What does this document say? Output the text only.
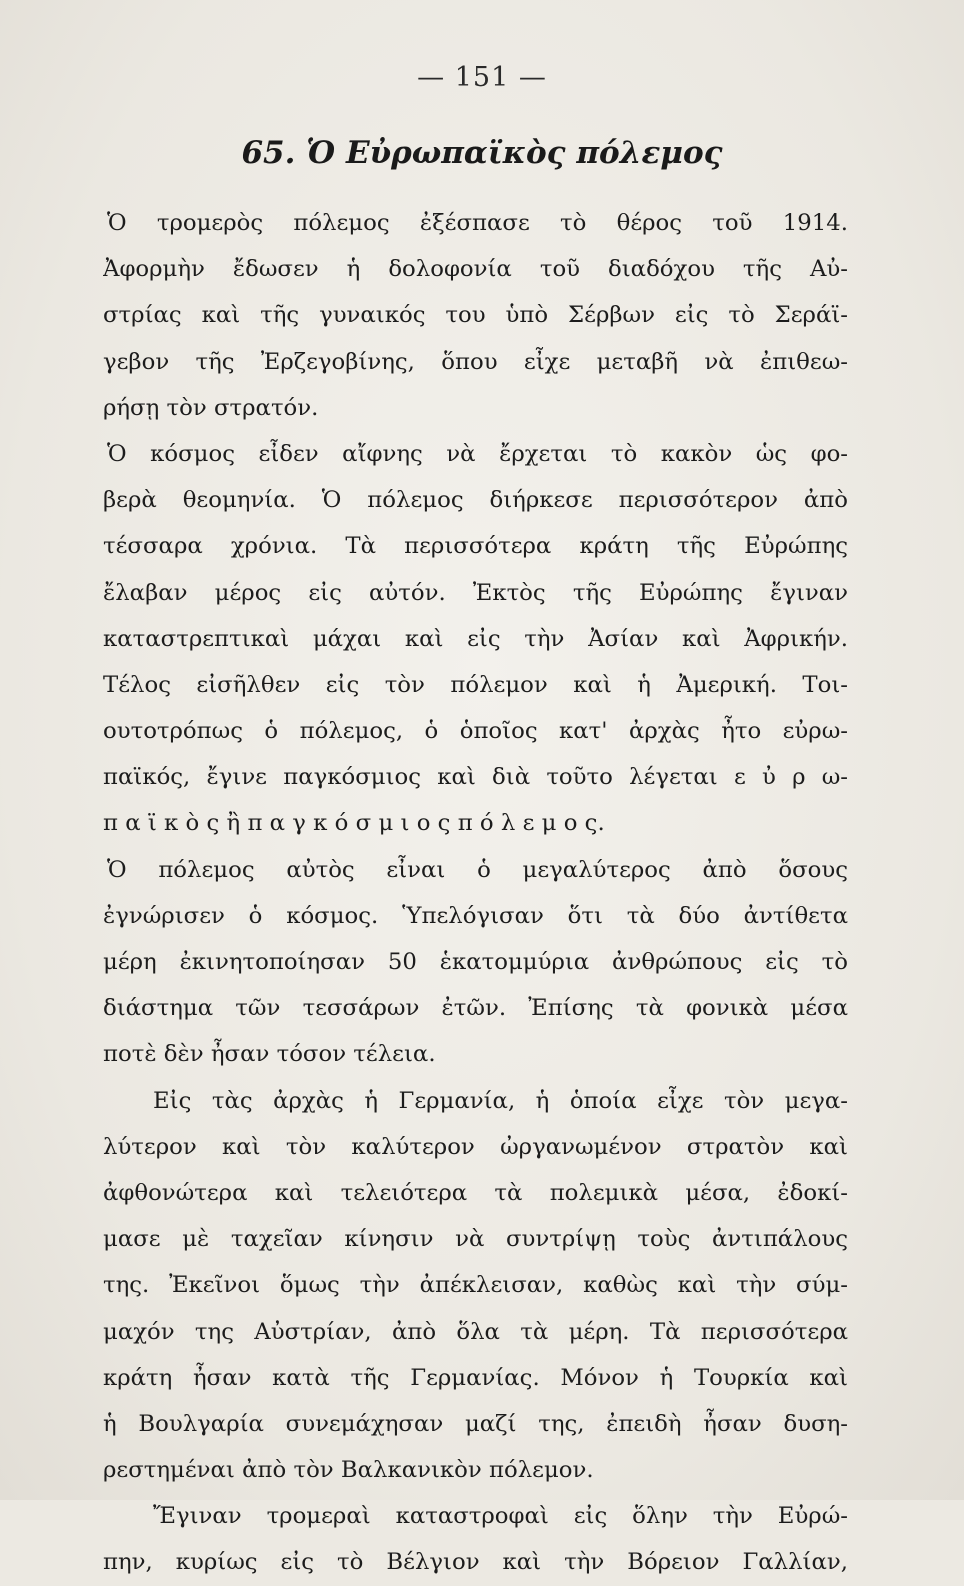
— 151 —
65. Ὁ Εὐρωπαϊκὸς πόλεμος
Ὁ τρομερὸς πόλεμος ἐξέσπασε τὸ θέρος τοῦ 1914.
Ἀφορμὴν ἔδωσεν ἡ δολοφονία τοῦ διαδόχου τῆς Αὐ-
στρίας καὶ τῆς γυναικός του ὑπὸ Σέρβων εἰς τὸ Σεράϊ-
γεβον τῆς Ἐρζεγοβίνης, ὅπου εἶχε μεταβῆ νὰ ἐπιθεω-
ρήσῃ τὸν στρατόν.
Ὁ κόσμος εἶδεν αἴφνης νὰ ἔρχεται τὸ κακὸν ὡς φο-
βερὰ θεομηνία. Ὁ πόλεμος διήρκεσε περισσότερον ἀπὸ
τέσσαρα χρόνια. Τὰ περισσότερα κράτη τῆς Εὐρώπης
ἔλαβαν μέρος εἰς αὐτόν. Ἐκτὸς τῆς Εὐρώπης ἔγιναν
καταστρεπτικαὶ μάχαι καὶ εἰς τὴν Ἀσίαν καὶ Ἀφρικήν.
Τέλος εἰσῆλθεν εἰς τὸν πόλεμον καὶ ἡ Ἀμερική. Τοι-
ουτοτρόπως ὁ πόλεμος, ὁ ὁποῖος κατ' ἀρχὰς ἦτο εὐρω-
παϊκός, ἔγινε παγκόσμιος καὶ διὰ τοῦτο λέγεται ε ὐ ρ ω-
π α ϊ κ ὸ ς ἢ π α γ κ ό σ μ ι ο ς π ό λ ε μ ο ς.
Ὁ πόλεμος αὐτὸς εἶναι ὁ μεγαλύτερος ἀπὸ ὅσους
ἐγνώρισεν ὁ κόσμος. Ὑπελόγισαν ὅτι τὰ δύο ἀντίθετα
μέρη ἐκινητοποίησαν 50 ἑκατομμύρια ἀνθρώπους εἰς τὸ
διάστημα τῶν τεσσάρων ἐτῶν. Ἐπίσης τὰ φονικὰ μέσα
ποτὲ δὲν ἦσαν τόσον τέλεια.
Εἰς τὰς ἀρχὰς ἡ Γερμανία, ἡ ὁποία εἶχε τὸν μεγα-
λύτερον καὶ τὸν καλύτερον ὠργανωμένον στρατὸν καὶ
ἀφθονώτερα καὶ τελειότερα τὰ πολεμικὰ μέσα, ἐδοκί-
μασε μὲ ταχεῖαν κίνησιν νὰ συντρίψῃ τοὺς ἀντιπάλους
της. Ἐκεῖνοι ὅμως τὴν ἀπέκλεισαν, καθὼς καὶ τὴν σύμ-
μαχόν της Αὐστρίαν, ἀπὸ ὅλα τὰ μέρη. Τὰ περισσότερα
κράτη ἦσαν κατὰ τῆς Γερμανίας. Μόνον ἡ Τουρκία καὶ
ἡ Βουλγαρία συνεμάχησαν μαζί της, ἐπειδὴ ἦσαν δυση-
ρεστημέναι ἀπὸ τὸν Βαλκανικὸν πόλεμον.
Ἔγιναν τρομεραὶ καταστροφαὶ εἰς ὅλην τὴν Εὐρώ-
πην, κυρίως εἰς τὸ Βέλγιον καὶ τὴν Βόρειον Γαλλίαν,
